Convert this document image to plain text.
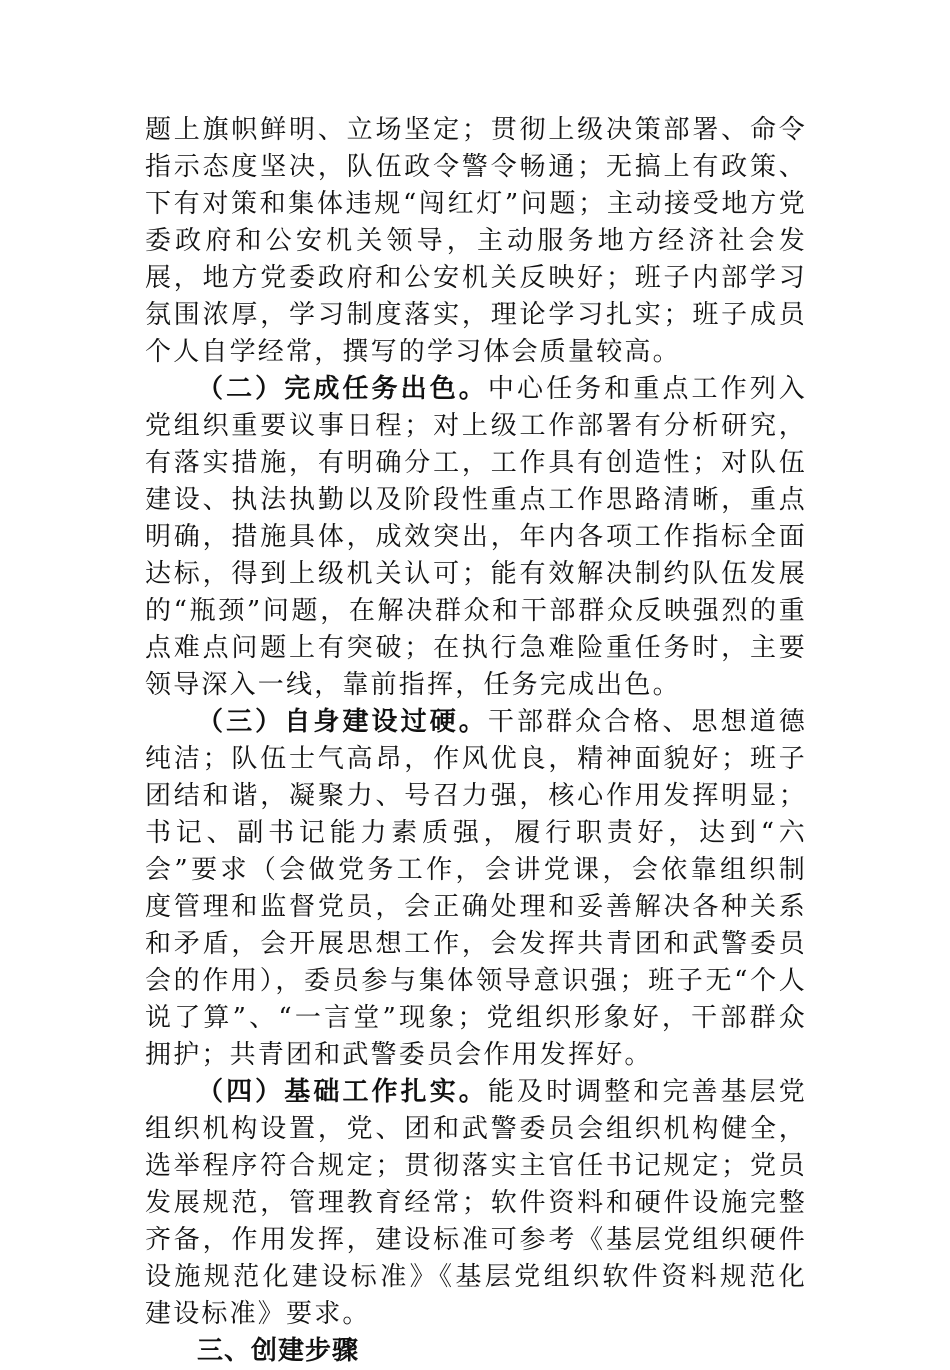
题上旗帜鲜明、立场坚定；贯彻上级决策部署、命令指示态度坚决，队伍政令警令畅通；无搞上有政策、下有对策和集体违规“闯红灯”问题；主动接受地方党委政府和公安机关领导，主动服务地方经济社会发展，地方党委政府和公安机关反映好；班子内部学习氛围浓厚，学习制度落实，理论学习扎实；班子成员个人自学经常，撰写的学习体会质量较高。

（二）完成任务出色。中心任务和重点工作列入党组织重要议事日程；对上级工作部署有分析研究，有落实措施，有明确分工，工作具有创造性；对队伍建设、执法执勤以及阶段性重点工作思路清晰，重点明确，措施具体，成效突出，年内各项工作指标全面达标，得到上级机关认可；能有效解决制约队伍发展的“瓶颈”问题，在解决群众和干部群众反映强烈的重点难点问题上有突破；在执行急难险重任务时，主要领导深入一线，靠前指挥，任务完成出色。

（三）自身建设过硬。干部群众合格、思想道德纯洁；队伍士气高昂，作风优良，精神面貌好；班子团结和谐，凝聚力、号召力强，核心作用发挥明显；书记、副书记能力素质强，履行职责好，达到“六会”要求（会做党务工作，会讲党课，会依靠组织制度管理和监督党员，会正确处理和妥善解决各种关系和矛盾，会开展思想工作，会发挥共青团和武警委员会的作用），委员参与集体领导意识强；班子无“个人说了算”、“一言堂”现象；党组织形象好，干部群众拥护；共青团和武警委员会作用发挥好。

（四）基础工作扎实。能及时调整和完善基层党组织机构设置，党、团和武警委员会组织机构健全，选举程序符合规定；贯彻落实主官任书记规定；党员发展规范，管理教育经常；软件资料和硬件设施完整齐备，作用发挥，建设标准可参考《基层党组织硬件设施规范化建设标准》《基层党组织软件资料规范化建设标准》要求。

三、创建步骤
